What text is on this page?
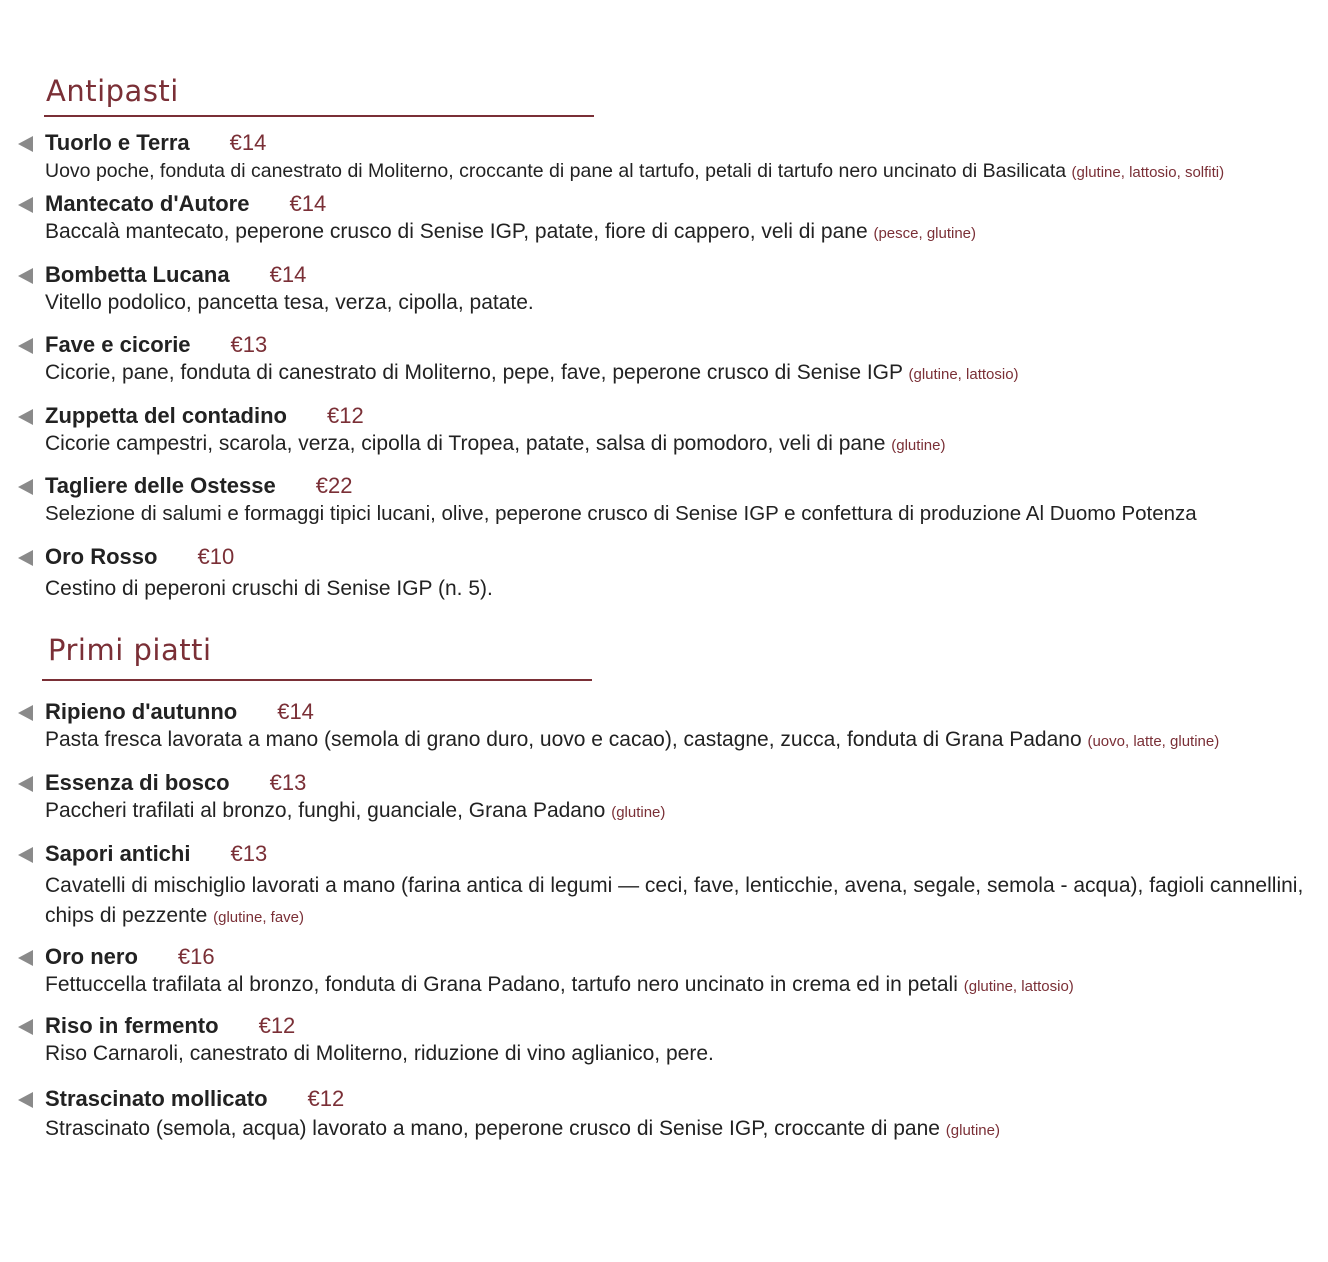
Antipasti
Tuorlo e Terra €14
Uovo poche, fonduta di canestrato di Moliterno, croccante di pane al tartufo, petali di tartufo nero uncinato di Basilicata (glutine, lattosio, solfiti)
Mantecato d'Autore €14
Baccalà mantecato, peperone crusco di Senise IGP, patate, fiore di cappero, veli di pane (pesce, glutine)
Bombetta Lucana €14
Vitello podolico, pancetta tesa, verza, cipolla, patate.
Fave e cicorie €13
Cicorie, pane, fonduta di canestrato di Moliterno, pepe, fave, peperone crusco di Senise IGP (glutine, lattosio)
Zuppetta del contadino €12
Cicorie campestri, scarola, verza, cipolla di Tropea, patate, salsa di pomodoro, veli di pane (glutine)
Tagliere delle Ostesse €22
Selezione di salumi e formaggi tipici lucani, olive, peperone crusco di Senise IGP e confettura di produzione Al Duomo Potenza
Oro Rosso €10
Cestino di peperoni cruschi di Senise IGP (n. 5).
Primi piatti
Ripieno d'autunno €14
Pasta fresca lavorata a mano (semola di grano duro, uovo e cacao), castagne, zucca, fonduta di Grana Padano (uovo, latte, glutine)
Essenza di bosco €13
Paccheri trafilati al bronzo, funghi, guanciale, Grana Padano (glutine)
Sapori antichi €13
Cavatelli di mischiglio lavorati a mano (farina antica di legumi — ceci, fave, lenticchie, avena, segale, semola - acqua), fagioli cannellini, chips di pezzente (glutine, fave)
Oro nero €16
Fettuccella trafilata al bronzo, fonduta di Grana Padano, tartufo nero uncinato in crema ed in petali (glutine, lattosio)
Riso in fermento €12
Riso Carnaroli, canestrato di Moliterno, riduzione di vino aglianico, pere.
Strascinato mollicato €12
Strascinato (semola, acqua) lavorato a mano, peperone crusco di Senise IGP, croccante di pane (glutine)
